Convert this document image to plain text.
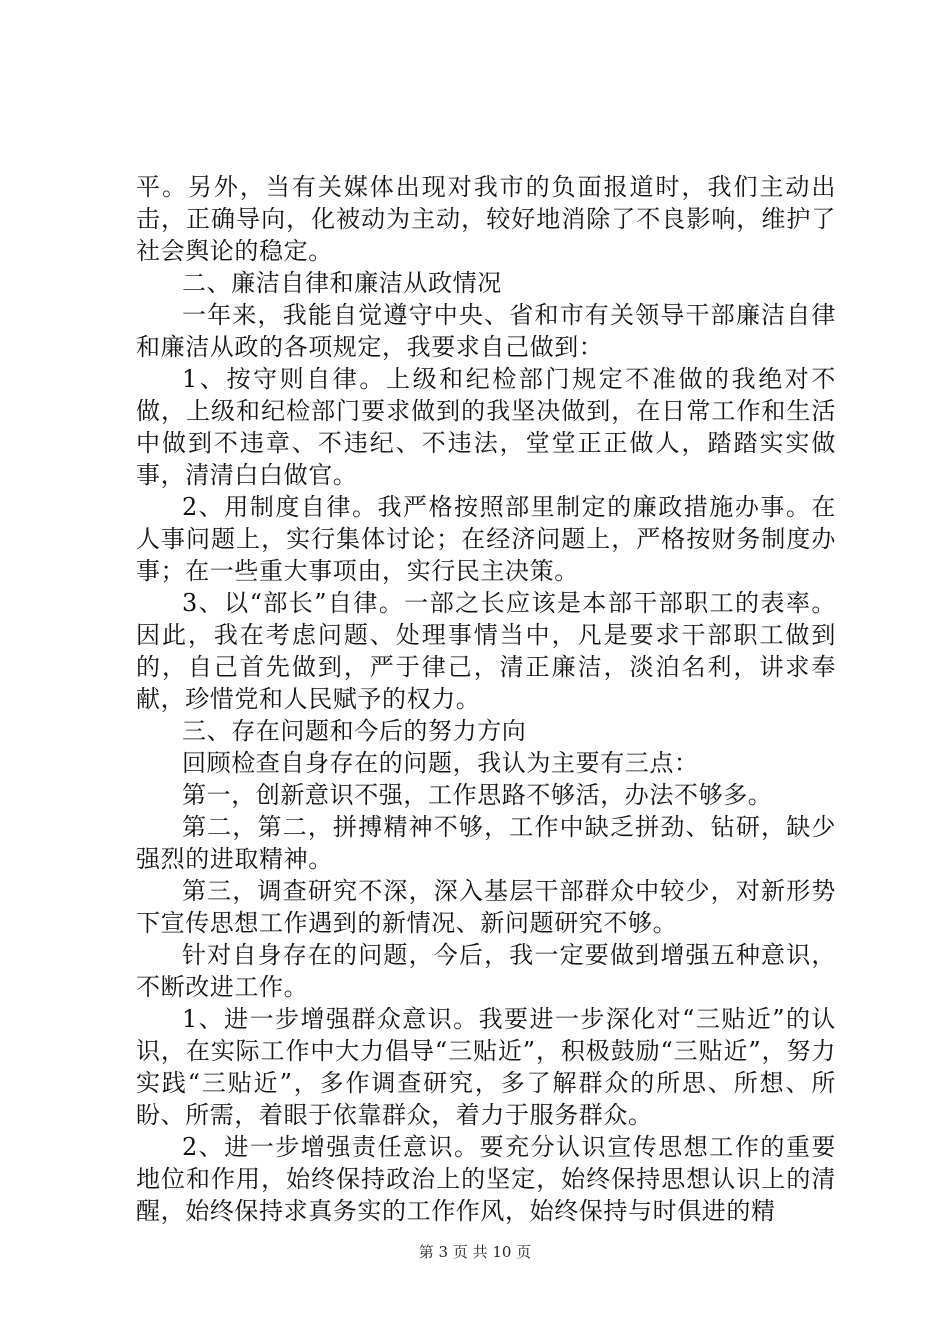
平。另外，当有关媒体出现对我市的负面报道时，我们主动出击，正确导向，化被动为主动，较好地消除了不良影响，维护了社会舆论的稳定。

二、廉洁自律和廉洁从政情况

一年来，我能自觉遵守中央、省和市有关领导干部廉洁自律和廉洁从政的各项规定，我要求自己做到：

1、按守则自律。上级和纪检部门规定不准做的我绝对不做，上级和纪检部门要求做到的我坚决做到，在日常工作和生活中做到不违章、不违纪、不违法，堂堂正正做人，踏踏实实做事，清清白白做官。

2、用制度自律。我严格按照部里制定的廉政措施办事。在人事问题上，实行集体讨论；在经济问题上，严格按财务制度办事；在一些重大事项由，实行民主决策。

3、以“部长”自律。一部之长应该是本部干部职工的表率。因此，我在考虑问题、处理事情当中，凡是要求干部职工做到的，自己首先做到，严于律己，清正廉洁，淡泊名利，讲求奉献，珍惜党和人民赋予的权力。

三、存在问题和今后的努力方向

回顾检查自身存在的问题，我认为主要有三点：

第一，创新意识不强，工作思路不够活，办法不够多。

第二，第二，拼搏精神不够，工作中缺乏拼劲、钻研，缺少强烈的进取精神。

第三，调查研究不深，深入基层干部群众中较少，对新形势下宣传思想工作遇到的新情况、新问题研究不够。

针对自身存在的问题，今后，我一定要做到增强五种意识，不断改进工作。

1、进一步增强群众意识。我要进一步深化对“三贴近”的认识，在实际工作中大力倡导“三贴近”，积极鼓励“三贴近”，努力实践“三贴近”，多作调查研究，多了解群众的所思、所想、所盼、所需，着眼于依靠群众，着力于服务群众。

2、进一步增强责任意识。要充分认识宣传思想工作的重要地位和作用，始终保持政治上的坚定，始终保持思想认识上的清醒，始终保持求真务实的工作作风，始终保持与时俱进的精

第 3 页 共 10 页
